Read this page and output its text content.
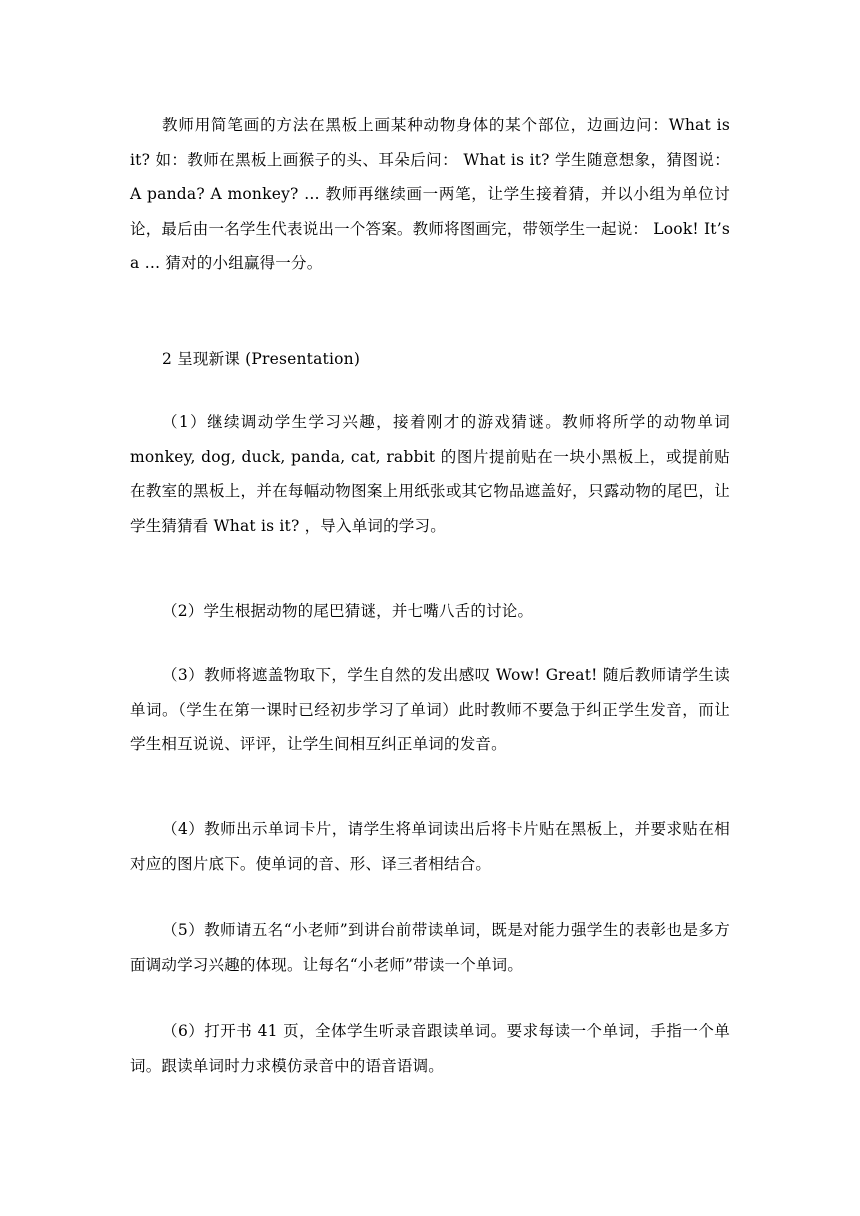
教师用简笔画的方法在黑板上画某种动物身体的某个部位，边画边问：What is it? 如：教师在黑板上画猴子的头、耳朵后问： What is it? 学生随意想象，猜图说：A panda? A monkey? … 教师再继续画一两笔，让学生接着猜，并以小组为单位讨论，最后由一名学生代表说出一个答案。教师将图画完，带领学生一起说： Look! It’s a … 猜对的小组赢得一分。

2 呈现新课 (Presentation)

（1）继续调动学生学习兴趣，接着刚才的游戏猜谜。教师将所学的动物单词 monkey, dog, duck, panda, cat, rabbit 的图片提前贴在一块小黑板上，或提前贴在教室的黑板上，并在每幅动物图案上用纸张或其它物品遮盖好，只露动物的尾巴，让学生猜猜看 What is it? ，导入单词的学习。

（2）学生根据动物的尾巴猜谜，并七嘴八舌的讨论。

（3）教师将遮盖物取下，学生自然的发出感叹 Wow! Great! 随后教师请学生读单词。（学生在第一课时已经初步学习了单词）此时教师不要急于纠正学生发音，而让学生相互说说、评评，让学生间相互纠正单词的发音。

（4）教师出示单词卡片，请学生将单词读出后将卡片贴在黑板上，并要求贴在相对应的图片底下。使单词的音、形、译三者相结合。

（5）教师请五名“小老师”到讲台前带读单词，既是对能力强学生的表彰也是多方面调动学习兴趣的体现。让每名“小老师”带读一个单词。

（6）打开书 41 页，全体学生听录音跟读单词。要求每读一个单词，手指一个单词。跟读单词时力求模仿录音中的语音语调。
